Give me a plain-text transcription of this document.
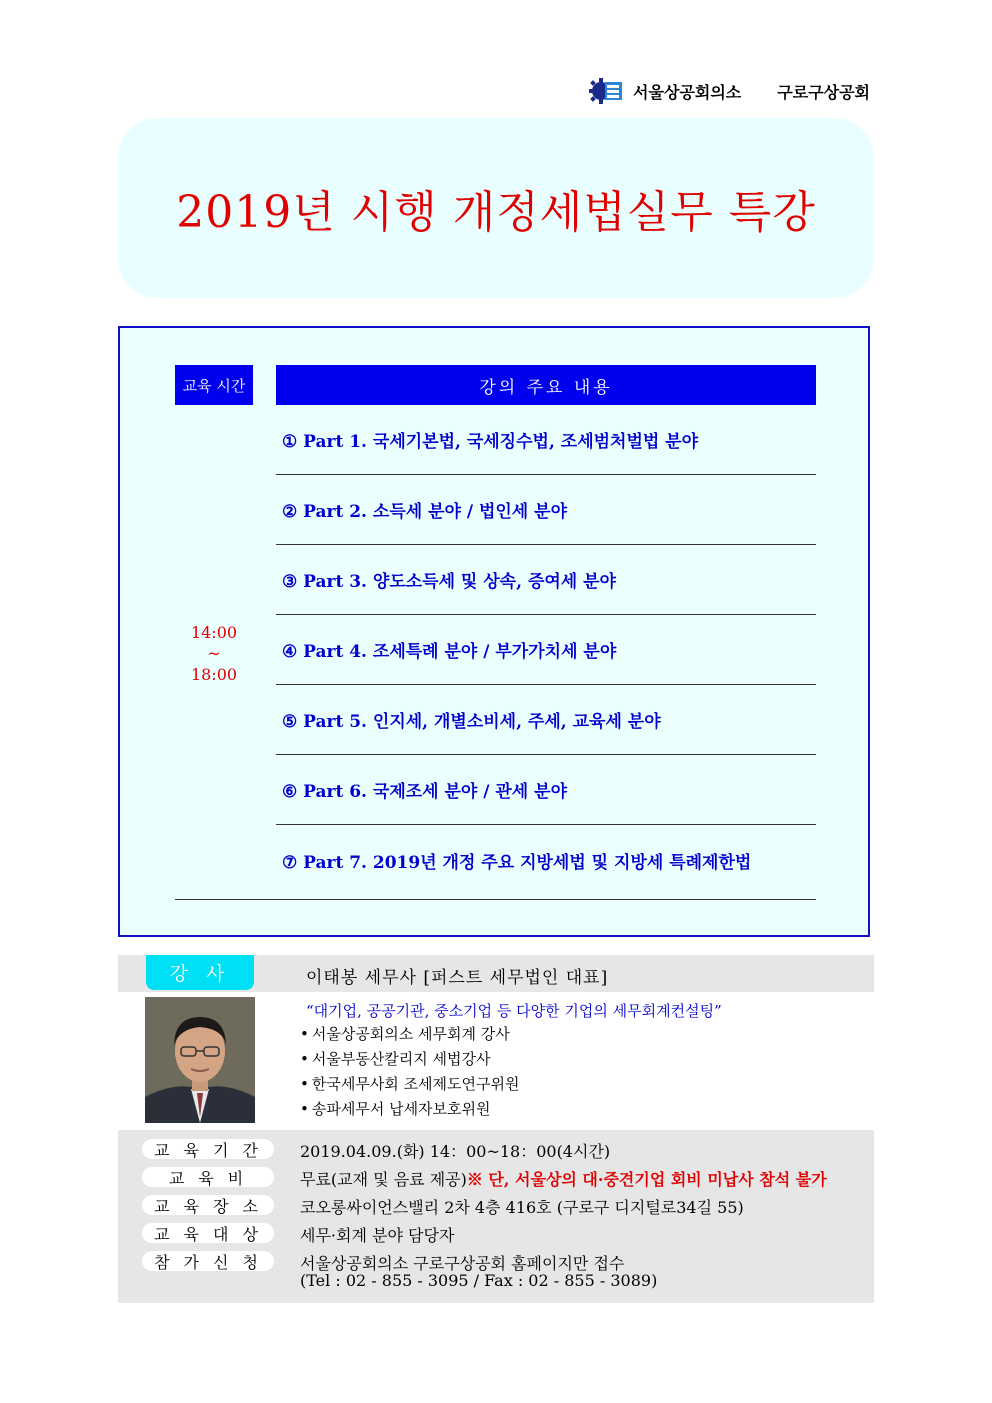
서울상공회의소 구로구상공회
2019년 시행 개정세법실무 특강
교육 시간	강의 주요 내용
14:00
~
18:00
① Part 1. 국세기본법, 국세징수법, 조세범처벌법 분야
② Part 2. 소득세 분야 / 법인세 분야
③ Part 3. 양도소득세 및 상속, 증여세 분야
④ Part 4. 조세특례 분야 / 부가가치세 분야
⑤ Part 5. 인지세, 개별소비세, 주세, 교육세 분야
⑥ Part 6. 국제조세 분야 / 관세 분야
⑦ Part 7. 2019년 개정 주요 지방세법 및 지방세 특례제한법
강 사	이태봉 세무사 [퍼스트 세무법인 대표]
“대기업, 공공기관, 중소기업 등 다양한 기업의 세무회계컨설팅”
• 서울상공회의소 세무회계 강사
• 서울부동산칼리지 세법강사
• 한국세무사회 조세제도연구위원
• 송파세무서 납세자보호위원
교육기간 2019.04.09.(화) 14：00~18：00(4시간)
교육비	무료(교재 및 음료 제공)※ 단, 서울상의 대·중견기업 회비 미납사 참석 불가
교육장소 코오롱싸이언스밸리 2차 4층 416호 (구로구 디지털로34길 55)
교육대상 세무·회계 분야 담당자
참가신청 서울상공회의소 구로구상공회 홈페이지만 접수
(Tel : 02 - 855 - 3095 / Fax : 02 - 855 - 3089)
